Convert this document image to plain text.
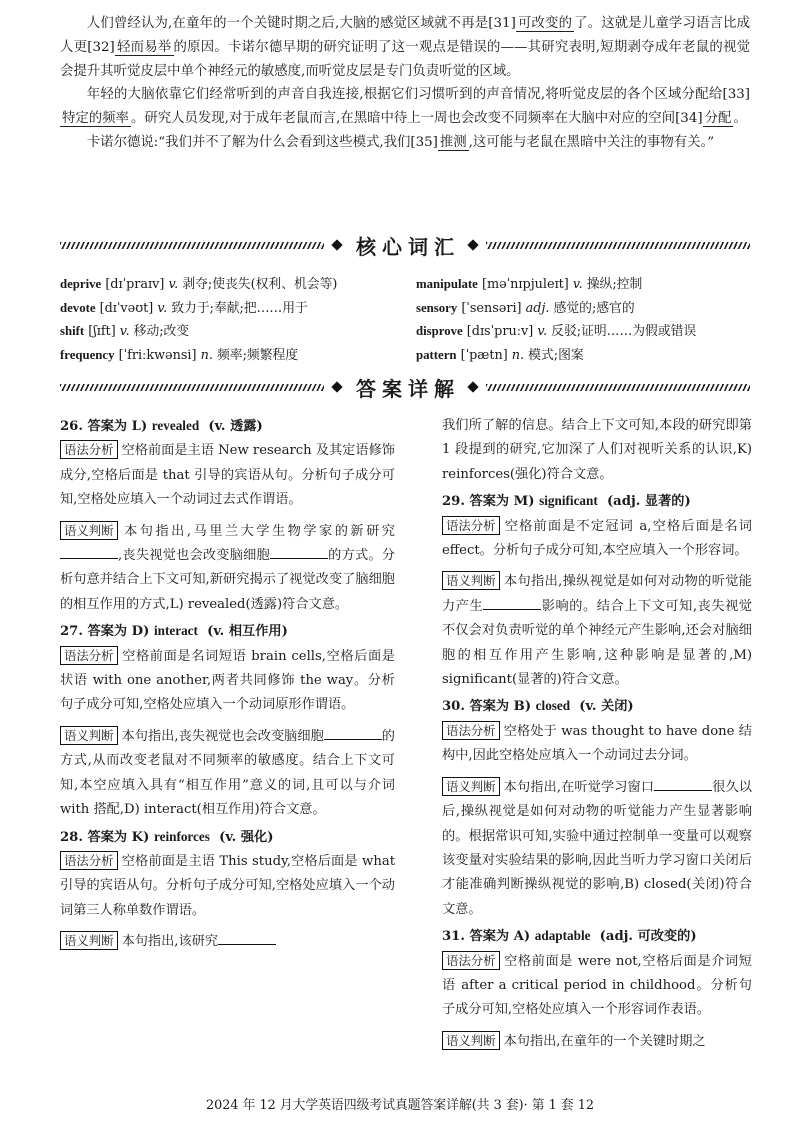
人们曾经认为,在童年的一个关键时期之后,大脑的感觉区域就不再是[31] 可改变的 了。这就是儿童学习语言比成人更[32] 轻而易举 的原因。卡诺尔德早期的研究证明了这一观点是错误的——其研究表明,短期剥夺成年老鼠的视觉会提升其听觉皮层中单个神经元的敏感度,而听觉皮层是专门负责听觉的区域。

年轻的大脑依靠它们经常听到的声音自我连接,根据它们习惯听到的声音情况,将听觉皮层的各个区域分配给[33]特定的频率 。研究人员发现,对于成年老鼠而言,在黑暗中待上一周也会改变不同频率在大脑中对应的空间[34] 分配 。

卡诺尔德说:“我们并不了解为什么会看到这些模式,我们[35] 推测 ,这可能与老鼠在黑暗中关注的事物有关。”

核心词汇
deprive [dɪˈpraɪv] v. 剥夺;使丧失(权利、机会等)
devote [dɪˈvəʊt] v. 致力于;奉献;把……用于
shift [ʃɪft] v. 移动;改变
frequency [ˈfriːkwənsi] n. 频率;频繁程度
manipulate [məˈnɪpjuleɪt] v. 操纵;控制
sensory [ˈsensəri] adj. 感觉的;感官的
disprove [dɪsˈpruːv] v. 反驳;证明……为假或错误
pattern [ˈpætn] n. 模式;图案
答案详解
26. 答案为 L) revealed (v. 透露)

语法分析 空格前面是主语 New research 及其定语修饰成分,空格后面是 that 引导的宾语从句。分析句子成分可知,空格处应填入一个动词过去式作谓语。

语义判断 本句指出,马里兰大学生物学家的新研究,丧失视觉也会改变脑细胞	的方式。分析句意并结合上下文可知,新研究揭示了视觉改变了脑细胞的相互作用的方式,L) revealed(透露)符合文意。

27. 答案为 D) interact (v. 相互作用)

语法分析 空格前面是名词短语 brain cells,空格后面是状语 with one another,两者共同修饰 the way。分析句子成分可知,空格处应填入一个动词原形作谓语。

语义判断 本句指出,丧失视觉也会改变脑细胞	的方式,从而改变老鼠对不同频率的敏感度。结合上下文可知,本空应填入具有“相互作用”意义的词,且可以与介词 with 搭配,D) interact(相互作用)符合文意。

28. 答案为 K) reinforces (v. 强化)

语法分析 空格前面是主语 This study,空格后面是 what 引导的宾语从句。分析句子成分可知,空格处应填入一个动词第三人称单数作谓语。

语义判断 本句指出,该研究

我们所了解的信息。结合上下文可知,本段的研究即第 1 段提到的研究,它加深了人们对视听关系的认识,K) reinforces(强化)符合文意。

29. 答案为 M) significant (adj. 显著的)

语法分析 空格前面是不定冠词 a,空格后面是名词 effect。分析句子成分可知,本空应填入一个形容词。

语义判断 本句指出,操纵视觉是如何对动物的听觉能力产生	影响的。结合上下文可知,丧失视觉不仅会对负责听觉的单个神经元产生影响,还会对脑细胞的相互作用产生影响,这种影响是显著的,M) significant(显著的)符合文意。

30. 答案为 B) closed (v. 关闭)

语法分析 空格处于 was thought to have done 结构中,因此空格处应填入一个动词过去分词。

语义判断 本句指出,在听觉学习窗口	很久以后,操纵视觉是如何对动物的听觉能力产生显著影响的。根据常识可知,实验中通过控制单一变量可以观察该变量对实验结果的影响,因此当听力学习窗口关闭后才能准确判断操纵视觉的影响,B) closed(关闭)符合文意。

31. 答案为 A) adaptable (adj. 可改变的)

语法分析 空格前面是 were not,空格后面是介词短语 after a critical period in childhood。分析句子成分可知,空格处应填入一个形容词作表语。

语义判断 本句指出,在童年的一个关键时期之

2024 年 12 月大学英语四级考试真题答案详解(共 3 套)· 第 1 套 12
